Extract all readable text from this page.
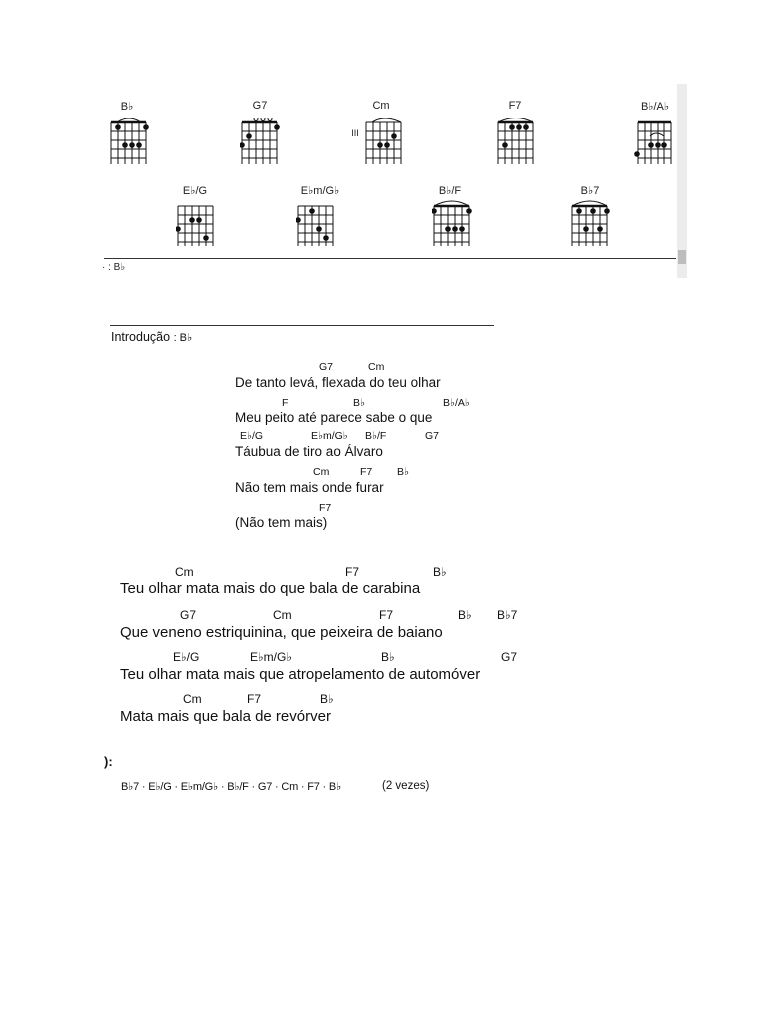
B♭	G7	Cm	F7	B♭/A♭
III
E♭/G	E♭m/G♭	B♭/F	B♭7
· : B♭
Introdução : B♭
G7	Cm
De tanto levá, flexada do teu olhar
F	B♭	B♭/A♭
Meu peito até parece sabe o que
E♭/G	E♭m/G♭ B♭/F	G7
Táubua de tiro ao Álvaro
Cm	F7 B♭
Não tem mais onde furar
F7
(Não tem mais)
Cm	F7	B♭
Teu olhar mata mais do que bala de carabina
G7	Cm	F7	B♭ B♭7
Que veneno estriquinina, que peixeira de baiano
E♭/G	E♭m/G♭	B♭	G7
Teu olhar mata mais que atropelamento de automóver
Cm	F7	B♭
Mata mais que bala de revórver
):
B♭7 · E♭/G · E♭m/G♭ · B♭/F · G7 · Cm · F7 · B♭	(2 vezes)
